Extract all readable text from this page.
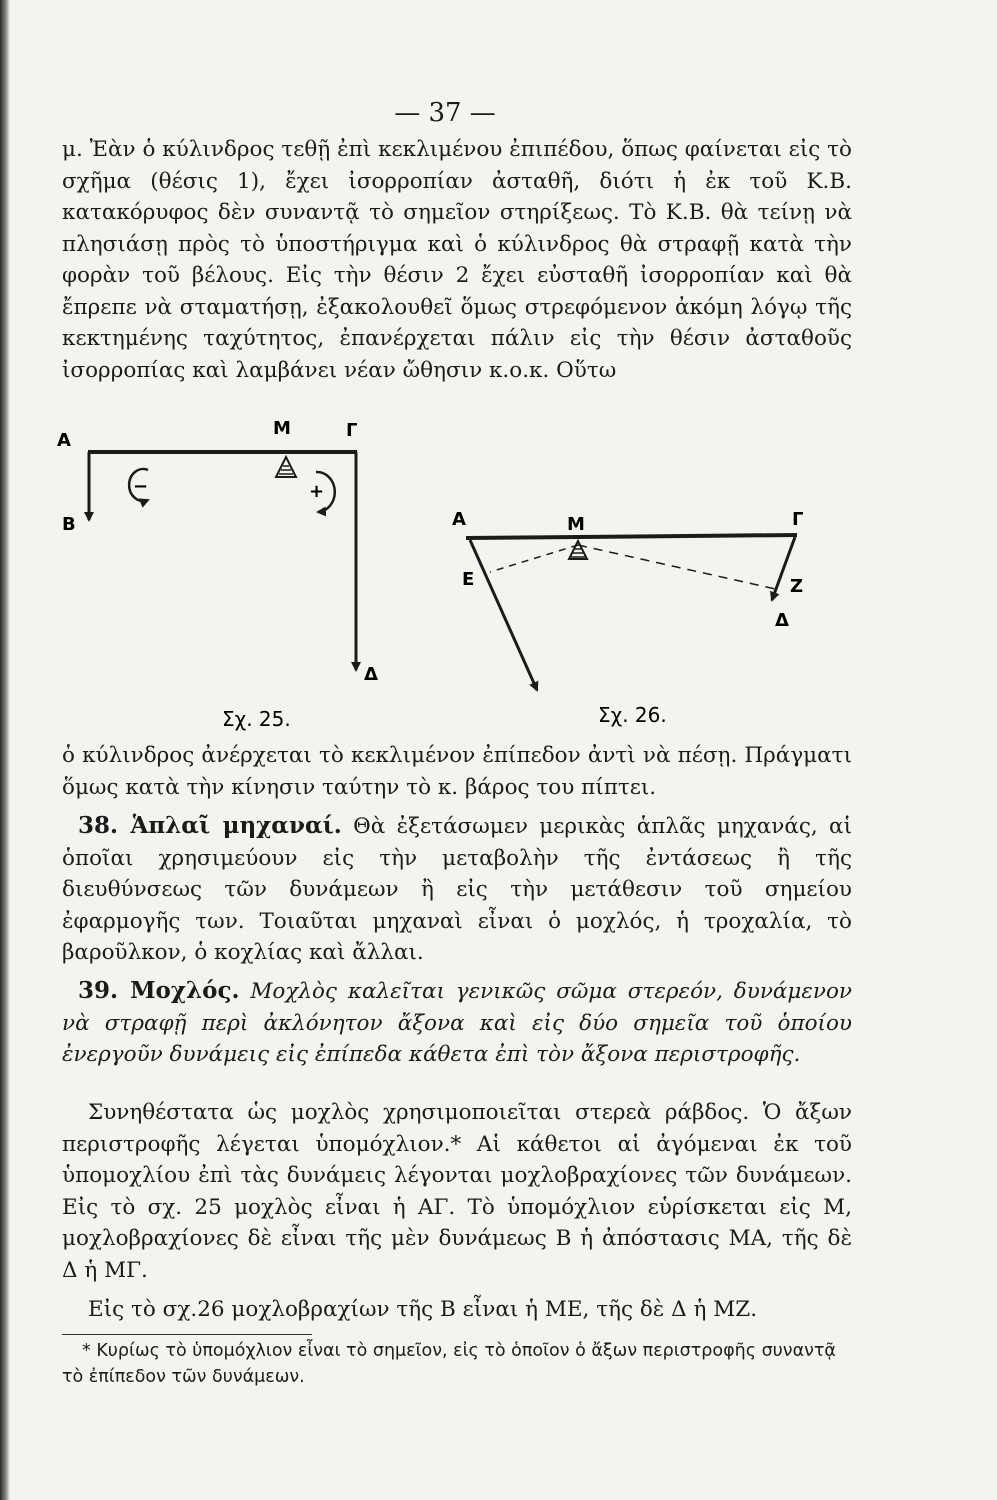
— 37 —

μ. Ἐὰν ὁ κύλινδρος τεθῇ ἐπὶ κεκλιμένου ἐπιπέδου, ὅπως φαίνεται εἰς τὸ σχῆμα (θέσις 1), ἔχει ἰσορροπίαν ἀσταθῆ, διότι ἡ ἐκ τοῦ Κ.Β. κατακόρυφος δὲν συναντᾷ τὸ σημεῖον στηρίξεως. Τὸ Κ.Β. θὰ τείνῃ νὰ πλησιάσῃ πρὸς τὸ ὑποστήριγμα καὶ ὁ κύλινδρος θὰ στραφῇ κατὰ τὴν φορὰν τοῦ βέλους. Εἰς τὴν θέσιν 2 ἔχει εὐσταθῆ ἰσορροπίαν καὶ θὰ ἔπρεπε νὰ σταματήσῃ, ἐξακολουθεῖ ὅμως στρεφόμενον ἀκόμη λόγῳ τῆς κεκτημένης ταχύτητος, ἐπανέρχεται πάλιν εἰς τὴν θέσιν ἀσταθοῦς ἰσορροπίας καὶ λαμβάνει νέαν ὤθησιν κ.ο.κ. Οὕτω

Α
Μ	Γ
Β
Δ
−	+
Σχ. 25.
Α	Μ	Γ
Ε	Ζ
Δ
Σχ. 26.

ὁ κύλινδρος ἀνέρχεται τὸ κεκλιμένον ἐπίπεδον ἀντὶ νὰ πέσῃ. Πράγματι ὅμως κατὰ τὴν κίνησιν ταύτην τὸ κ. βάρος του πίπτει.

38. Ἁπλαῖ μηχαναί. Θὰ ἐξετάσωμεν μερικὰς ἁπλᾶς μηχανάς, αἱ ὁποῖαι χρησιμεύουν εἰς τὴν μεταβολὴν τῆς ἐντάσεως ἢ τῆς διευθύνσεως τῶν δυνάμεων ἢ εἰς τὴν μετάθεσιν τοῦ σημείου ἐφαρμογῆς των. Τοιαῦται μηχαναὶ εἶναι ὁ μοχλός, ἡ τροχαλία, τὸ βαροῦλκον, ὁ κοχλίας καὶ ἄλλαι.

39. Μοχλός. Μοχλὸς καλεῖται γενικῶς σῶμα στερεόν, δυνάμενον νὰ στραφῇ περὶ ἀκλόνητον ἄξονα καὶ εἰς δύο σημεῖα τοῦ ὁποίου ἐνεργοῦν δυνάμεις εἰς ἐπίπεδα κάθετα ἐπὶ τὸν ἄξονα περιστροφῆς.

Συνηθέστατα ὡς μοχλὸς χρησιμοποιεῖται στερεὰ ράβδος. Ὁ ἄξων περιστροφῆς λέγεται ὑπομόχλιον.* Αἱ κάθετοι αἱ ἀγόμεναι ἐκ τοῦ ὑπομοχλίου ἐπὶ τὰς δυνάμεις λέγονται μοχλοβραχίονες τῶν δυνάμεων. Εἰς τὸ σχ. 25 μοχλὸς εἶναι ἡ ΑΓ. Τὸ ὑπομόχλιον εὑρίσκεται εἰς Μ, μοχλοβραχίονες δὲ εἶναι τῆς μὲν δυνάμεως Β ἡ ἀπόστασις ΜΑ, τῆς δὲ Δ ἡ ΜΓ.

Εἰς τὸ σχ.26 μοχλοβραχίων τῆς Β εἶναι ἡ ΜΕ, τῆς δὲ Δ ἡ ΜΖ.

* Κυρίως τὸ ὑπομόχλιον εἶναι τὸ σημεῖον, εἰς τὸ ὁποῖον ὁ ἄξων περιστροφῆς συναντᾷ τὸ ἐπίπεδον τῶν δυνάμεων.
